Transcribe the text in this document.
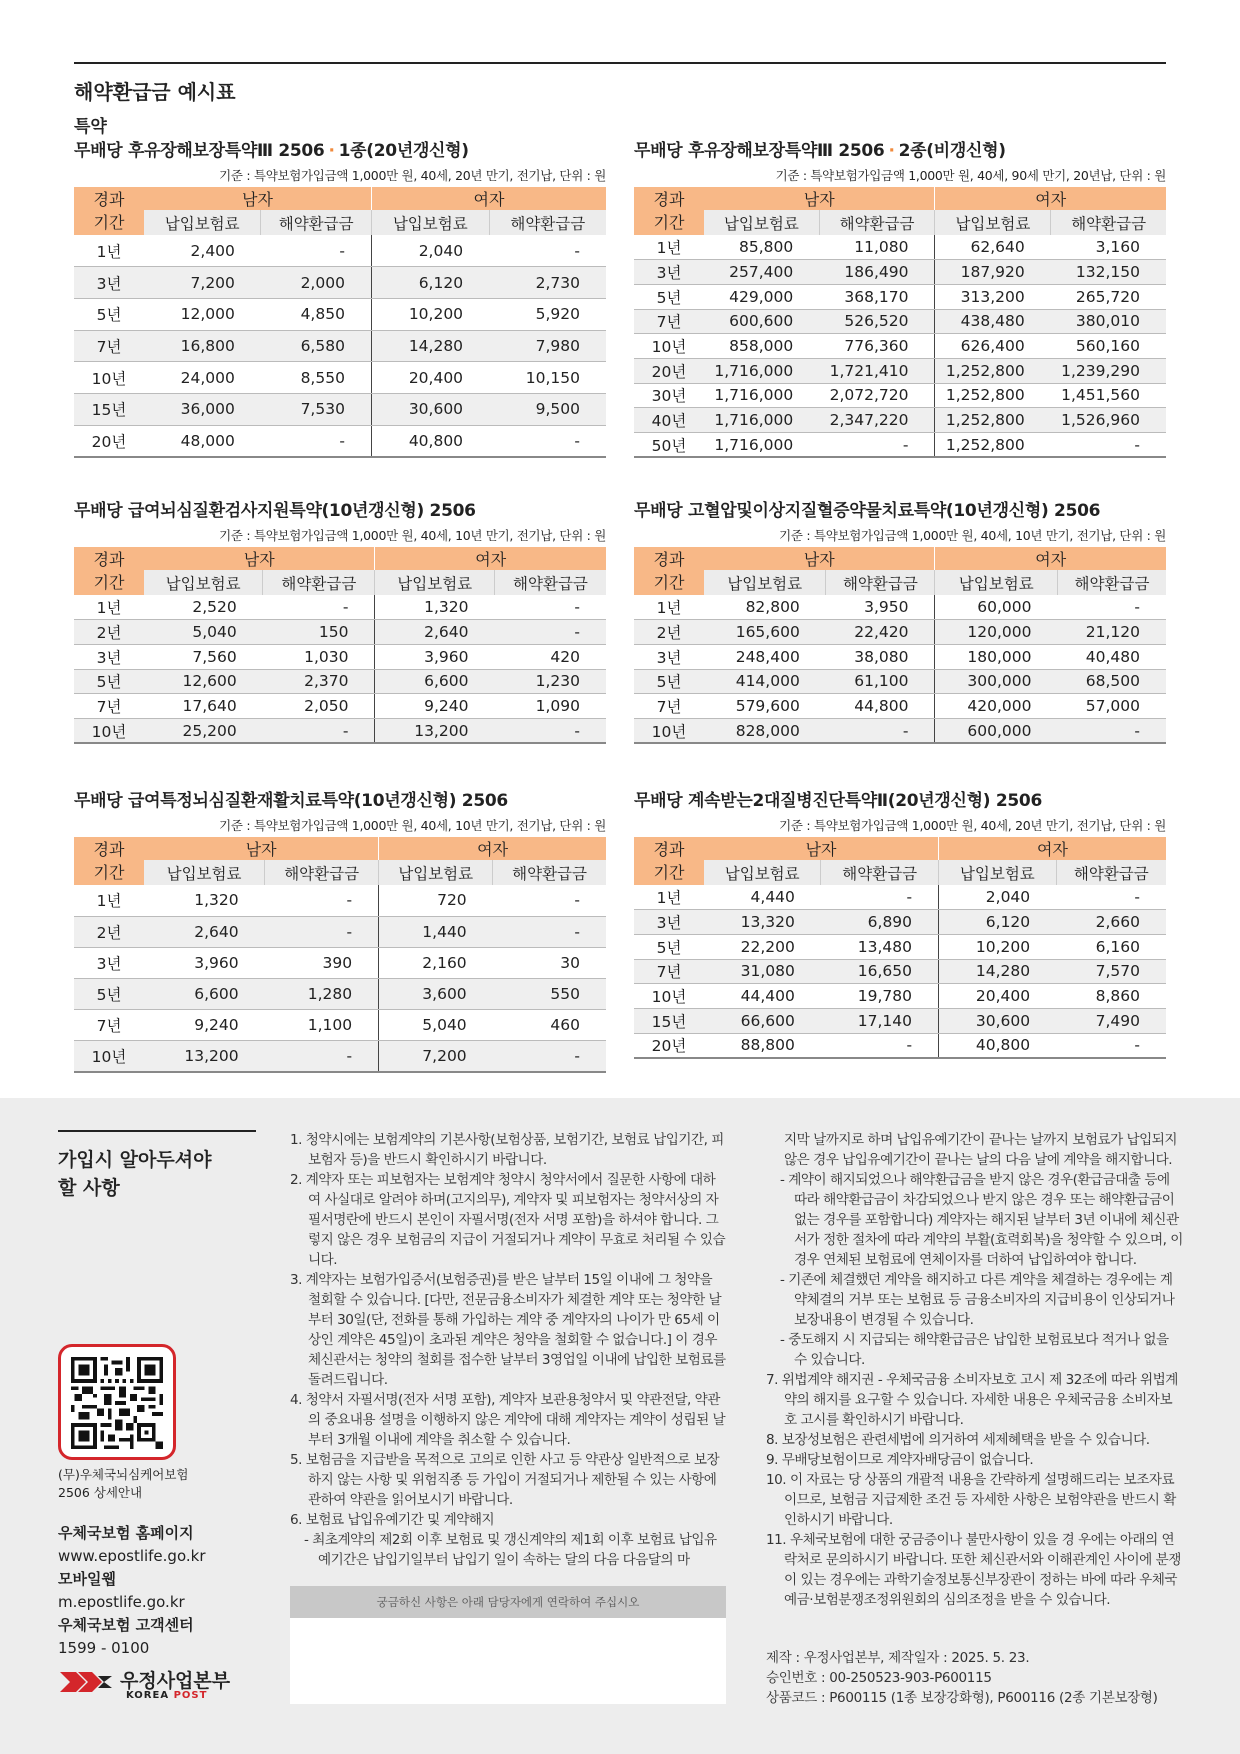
해약환급금 예시표
특약
무배당 후유장해보장특약Ⅲ 2506 · 1종(20년갱신형)
기준 : 특약보험가입금액 1,000만 원, 40세, 20년 만기, 전기납, 단위 : 원
경과
기간	남자		여자	
	납입보험료	해약환급금	납입보험료	해약환급금
1년	2,400	-	2,040	-
3년	7,200	2,000	6,120	2,730
5년	12,000	4,850	10,200	5,920
7년	16,800	6,580	14,280	7,980
10년	24,000	8,550	20,400	10,150
15년	36,000	7,530	30,600	9,500
20년	48,000	-	40,800	-
무배당 후유장해보장특약Ⅲ 2506 · 2종(비갱신형)
기준 : 특약보험가입금액 1,000만 원, 40세, 90세 만기, 20년납, 단위 : 원
경과
기간	남자		여자	
	납입보험료	해약환급금	납입보험료	해약환급금
1년	85,800	11,080	62,640	3,160
3년	257,400	186,490	187,920	132,150
5년	429,000	368,170	313,200	265,720
7년	600,600	526,520	438,480	380,010
10년	858,000	776,360	626,400	560,160
20년	1,716,000	1,721,410	1,252,800	1,239,290
30년	1,716,000	2,072,720	1,252,800	1,451,560
40년	1,716,000	2,347,220	1,252,800	1,526,960
50년	1,716,000	-	1,252,800	-
무배당 급여뇌심질환검사지원특약(10년갱신형) 2506
기준 : 특약보험가입금액 1,000만 원, 40세, 10년 만기, 전기납, 단위 : 원
경과
기간	남자		여자	
	납입보험료	해약환급금	납입보험료	해약환급금
1년	2,520	-	1,320	-
2년	5,040	150	2,640	-
3년	7,560	1,030	3,960	420
5년	12,600	2,370	6,600	1,230
7년	17,640	2,050	9,240	1,090
10년	25,200	-	13,200	-
무배당 고혈압및이상지질혈증약물치료특약(10년갱신형) 2506
기준 : 특약보험가입금액 1,000만 원, 40세, 10년 만기, 전기납, 단위 : 원
경과
기간	남자		여자	
	납입보험료	해약환급금	납입보험료	해약환급금
1년	82,800	3,950	60,000	-
2년	165,600	22,420	120,000	21,120
3년	248,400	38,080	180,000	40,480
5년	414,000	61,100	300,000	68,500
7년	579,600	44,800	420,000	57,000
10년	828,000	-	600,000	-
무배당 급여특정뇌심질환재활치료특약(10년갱신형) 2506
기준 : 특약보험가입금액 1,000만 원, 40세, 10년 만기, 전기납, 단위 : 원
경과
기간	남자		여자	
	납입보험료	해약환급금	납입보험료	해약환급금
1년	1,320	-	720	-
2년	2,640	-	1,440	-
3년	3,960	390	2,160	30
5년	6,600	1,280	3,600	550
7년	9,240	1,100	5,040	460
10년	13,200	-	7,200	-
무배당 계속받는2대질병진단특약Ⅱ(20년갱신형) 2506
기준 : 특약보험가입금액 1,000만 원, 40세, 20년 만기, 전기납, 단위 : 원
경과
기간	남자		여자	
	납입보험료	해약환급금	납입보험료	해약환급금
1년	4,440	-	2,040	-
3년	13,320	6,890	6,120	2,660
5년	22,200	13,480	10,200	6,160
7년	31,080	16,650	14,280	7,570
10년	44,400	19,780	20,400	8,860
15년	66,600	17,140	30,600	7,490
20년	88,800	-	40,800	-
가입시 알아두셔야
할 사항
(무)우체국뇌심케어보험
2506 상세안내
우체국보험 홈페이지
www.epostlife.go.kr
모바일웹
m.epostlife.go.kr
우체국보험 고객센터
1599 - 0100
우정사업본부
KOREA POST
1. 청약시에는 보험계약의 기본사항(보험상품, 보험기간, 보험료 납입기간, 피보험자 등)을 반드시 확인하시기 바랍니다.
2. 계약자 또는 피보험자는 보험계약 청약시 청약서에서 질문한 사항에 대하여 사실대로 알려야 하며(고지의무), 계약자 및 피보험자는 청약서상의 자필서명란에 반드시 본인이 자필서명(전자 서명 포함)을 하셔야 합니다. 그렇지 않은 경우 보험금의 지급이 거절되거나 계약이 무효로 처리될 수 있습니다.
3. 계약자는 보험가입증서(보험증권)를 받은 날부터 15일 이내에 그 청약을 철회할 수 있습니다. [다만, 전문금융소비자가 체결한 계약 또는 청약한 날부터 30일(단, 전화를 통해 가입하는 계약 중 계약자의 나이가 만 65세 이상인 계약은 45일)이 초과된 계약은 청약을 철회할 수 없습니다.] 이 경우 체신관서는 청약의 철회를 접수한 날부터 3영업일 이내에 납입한 보험료를 돌려드립니다.
4. 청약서 자필서명(전자 서명 포함), 계약자 보관용청약서 및 약관전달, 약관의 중요내용 설명을 이행하지 않은 계약에 대해 계약자는 계약이 성립된 날부터 3개월 이내에 계약을 취소할 수 있습니다.
5. 보험금을 지급받을 목적으로 고의로 인한 사고 등 약관상 일반적으로 보장하지 않는 사항 및 위험직종 등 가입이 거절되거나 제한될 수 있는 사항에 관하여 약관을 읽어보시기 바랍니다.
6. 보험료 납입유예기간 및 계약해지
- 최초계약의 제2회 이후 보험료 및 갱신계약의 제1회 이후 보험료 납입유예기간은 납입기일부터 납입기 일이 속하는 달의 다음 다음달의 마
지막 날까지로 하며 납입유예기간이 끝나는 날까지 보험료가 납입되지 않은 경우 납입유예기간이 끝나는 날의 다음 날에 계약을 해지합니다.
- 계약이 해지되었으나 해약환급금을 받지 않은 경우(환급금대출 등에 따라 해약환급금이 차감되었으나 받지 않은 경우 또는 해약환급금이 없는 경우를 포함합니다) 계약자는 해지된 날부터 3년 이내에 체신관서가 정한 절차에 따라 계약의 부활(효력회복)을 청약할 수 있으며, 이 경우 연체된 보험료에 연체이자를 더하여 납입하여야 합니다.
- 기존에 체결했던 계약을 해지하고 다른 계약을 체결하는 경우에는 계약체결의 거부 또는 보험료 등 금융소비자의 지급비용이 인상되거나 보장내용이 변경될 수 있습니다.
- 중도해지 시 지급되는 해약환급금은 납입한 보험료보다 적거나 없을 수 있습니다.
7. 위법계약 해지권 - 우체국금융 소비자보호 고시 제 32조에 따라 위법계약의 해지를 요구할 수 있습니다. 자세한 내용은 우체국금융 소비자보호 고시를 확인하시기 바랍니다.
8. 보장성보험은 관련세법에 의거하여 세제혜택을 받을 수 있습니다.
9. 무배당보험이므로 계약자배당금이 없습니다.
10. 이 자료는 당 상품의 개괄적 내용을 간략하게 설명해드리는 보조자료 이므로, 보험금 지급제한 조건 등 자세한 사항은 보험약관을 반드시 확인하시기 바랍니다.
11. 우체국보험에 대한 궁금증이나 불만사항이 있을 경 우에는 아래의 연락처로 문의하시기 바랍니다. 또한 체신관서와 이해관계인 사이에 분쟁이 있는 경우에는 과학기술정보통신부장관이 정하는 바에 따라 우체국예금·보험분쟁조정위원회의 심의조정을 받을 수 있습니다.
궁금하신 사항은 아래 담당자에게 연락하여 주십시오
제작 : 우정사업본부, 제작일자 : 2025. 5. 23.
승인번호 : 00-250523-903-P600115
상품코드 : P600115 (1종 보장강화형), P600116 (2종 기본보장형)
